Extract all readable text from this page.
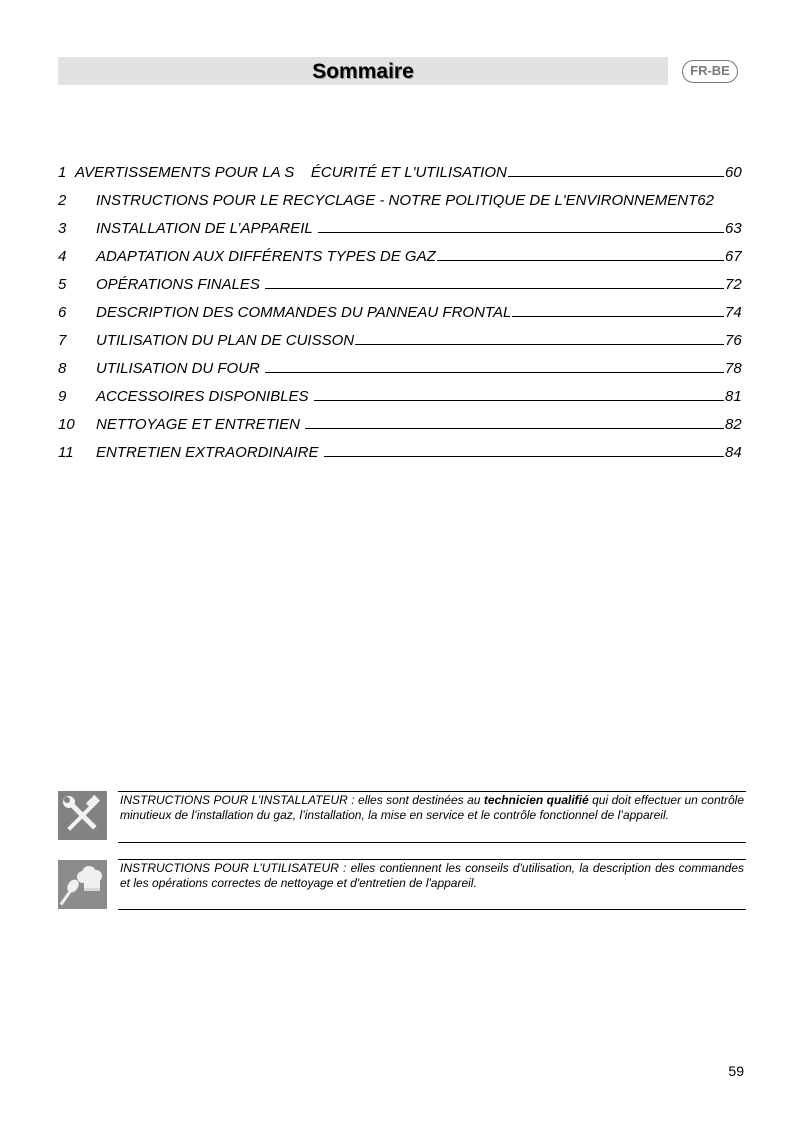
Sommaire	FR-BE
1 AVERTISSEMENTS POUR LA S    ÉCURITÉ ET L'UTILISATION	60
2 INSTRUCTIONS POUR LE RECYCLAGE - NOTRE POLITIQUE DE L'ENVIRONNEMENT 62
3 INSTALLATION DE L’APPAREIL	63
4 ADAPTATION AUX DIFFÉRENTS TYPES DE GAZ	67
5 OPÉRATIONS FINALES	72
6 DESCRIPTION DES COMMANDES DU PANNEAU FRONTAL	74
7 UTILISATION DU PLAN DE CUISSON	76
8 UTILISATION DU FOUR	78
9 ACCESSOIRES DISPONIBLES	81
10 NETTOYAGE ET ENTRETIEN	82
11 ENTRETIEN EXTRAORDINAIRE	84
INSTRUCTIONS POUR L’INSTALLATEUR : elles sont destinées au technicien qualifié qui doit effectuer un contrôle minutieux de l’installation du gaz, l’installation, la mise en service et le contrôle fonctionnel de l’appareil.
INSTRUCTIONS POUR L’UTILISATEUR : elles contiennent les conseils d'utilisation, la description des commandes et les opérations correctes de nettoyage et d'entretien de l'appareil.
59
